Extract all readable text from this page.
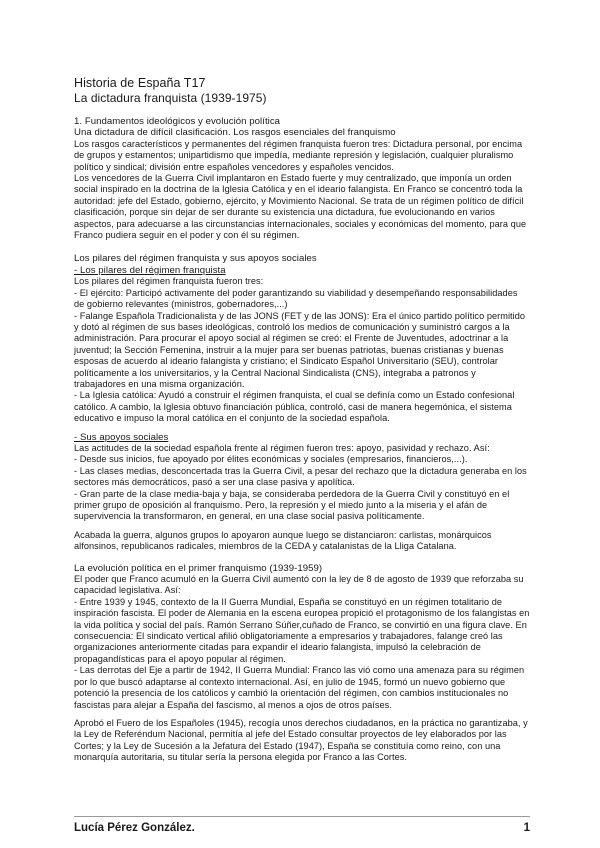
Historia de España T17
La dictadura franquista (1939-1975)
1. Fundamentos ideológicos y evolución política
Una dictadura de difícil clasificación. Los rasgos esenciales del franquismo

Los rasgos característicos y permanentes del régimen franquista fueron tres: Dictadura personal, por encima de grupos y estamentos; unipartidismo que impedía, mediante represión y legislación, cualquier pluralismo político y sindical; división entre españoles vencedores y españoles vencidos.

Los vencedores de la Guerra Civil implantaron en Estado fuerte y muy centralizado, que imponía un orden social inspirado en la doctrina de la Iglesia Católica y en el ideario falangista. En Franco se concentró toda la autoridad: jefe del Estado, gobierno, ejército, y Movimiento Nacional. Se trata de un régimen político de difícil clasificación, porque sin dejar de ser durante su existencia una dictadura, fue evolucionando en varios aspectos, para adecuarse a las circunstancias internacionales, sociales y económicas del momento, para que Franco pudiera seguir en el poder y con él su régimen.

Los pilares del régimen franquista y sus apoyos sociales
- Los pilares del régimen franquista

Los pilares del régimen franquista fueron tres:

- El ejército: Participó activamente del poder garantizando su viabilidad y desempeñando responsabilidades de gobierno relevantes (ministros, gobernadores,...)

- Falange Española Tradicionalista y de las JONS (FET y de las JONS): Era el único partido político permitido y dotó al régimen de sus bases ideológicas, controló los medios de comunicación y suministró cargos a la administración. Para procurar el apoyo social al régimen se creó: el Frente de Juventudes, adoctrinar a la juventud; la Sección Femenina, instruir a la mujer para ser buenas patriotas, buenas cristianas y buenas esposas de acuerdo al ideario falangista y cristiano; el Sindicato Español Universitario (SEU), controlar políticamente a los universitarios, y la Central Nacional Sindicalista (CNS), integraba a patronos y trabajadores en una misma organización.

- La Iglesia católica: Ayudó a construir el régimen franquista, el cual se definía como un Estado confesional católico. A cambio, la Iglesia obtuvo financiación pública, controló, casi de manera hegemónica, el sistema educativo e impuso la moral católica en el conjunto de la sociedad española.

- Sus apoyos sociales

Las actitudes de la sociedad española frente al régimen fueron tres: apoyo, pasividad y rechazo. Así:

- Desde sus inicios, fue apoyado por élites económicas y sociales (empresarios, financieros,...).

- Las clases medias, desconcertada tras la Guerra Civil, a pesar del rechazo que la dictadura generaba en los sectores más democráticos, pasó a ser una clase pasiva y apolítica.

- Gran parte de la clase media-baja y baja, se consideraba perdedora de la Guerra Civil y constituyó en el primer grupo de oposición al franquismo. Pero, la represión y el miedo junto a la miseria y el afán de supervivencia la transformaron, en general, en una clase social pasiva políticamente.

Acabada la guerra, algunos grupos lo apoyaron aunque luego se distanciaron: carlistas, monárquicos alfonsinos, republicanos radicales, miembros de la CEDA y catalanistas de la Lliga Catalana.

La evolución política en el primer franquismo (1939-1959)

El poder que Franco acumuló en la Guerra Civil aumentó con la ley de 8 de agosto de 1939 que reforzaba su capacidad legislativa. Así:

- Entre 1939 y 1945, contexto de la II Guerra Mundial, España se constituyó en un régimen totalitario de inspiración fascista. El poder de Alemania en la escena europea propició el protagonismo de los falangistas en la vida política y social del país. Ramón Serrano Súñer,cuñado de Franco, se convirtió en una figura clave. En consecuencia: El sindicato vertical afilió obligatoriamente a empresarios y trabajadores, falange creó las organizaciones anteriormente citadas para expandir el ideario falangista, impulsó la celebración de propagandísticas para el apoyo popular al régimen.

- Las derrotas del Eje a partir de 1942, II Guerra Mundial: Franco las vió como una amenaza para su régimen por lo que buscó adaptarse al contexto internacional. Así, en julio de 1945, formó un nuevo gobierno que potenció la presencia de los católicos y cambió la orientación del régimen, con cambios institucionales no fascistas para alejar a España del fascismo, al menos a ojos de otros países.

Aprobó el Fuero de los Españoles (1945), recogía unos derechos ciudadanos, en la práctica no garantizaba, y la Ley de Referéndum Nacional, permitía al jefe del Estado consultar proyectos de ley elaborados por las Cortes; y la Ley de Sucesión a la Jefatura del Estado (1947), España se constituía como reino, con una monarquía autoritaria, su titular sería la persona elegida por Franco a las Cortes.

Lucía Pérez González.	1
